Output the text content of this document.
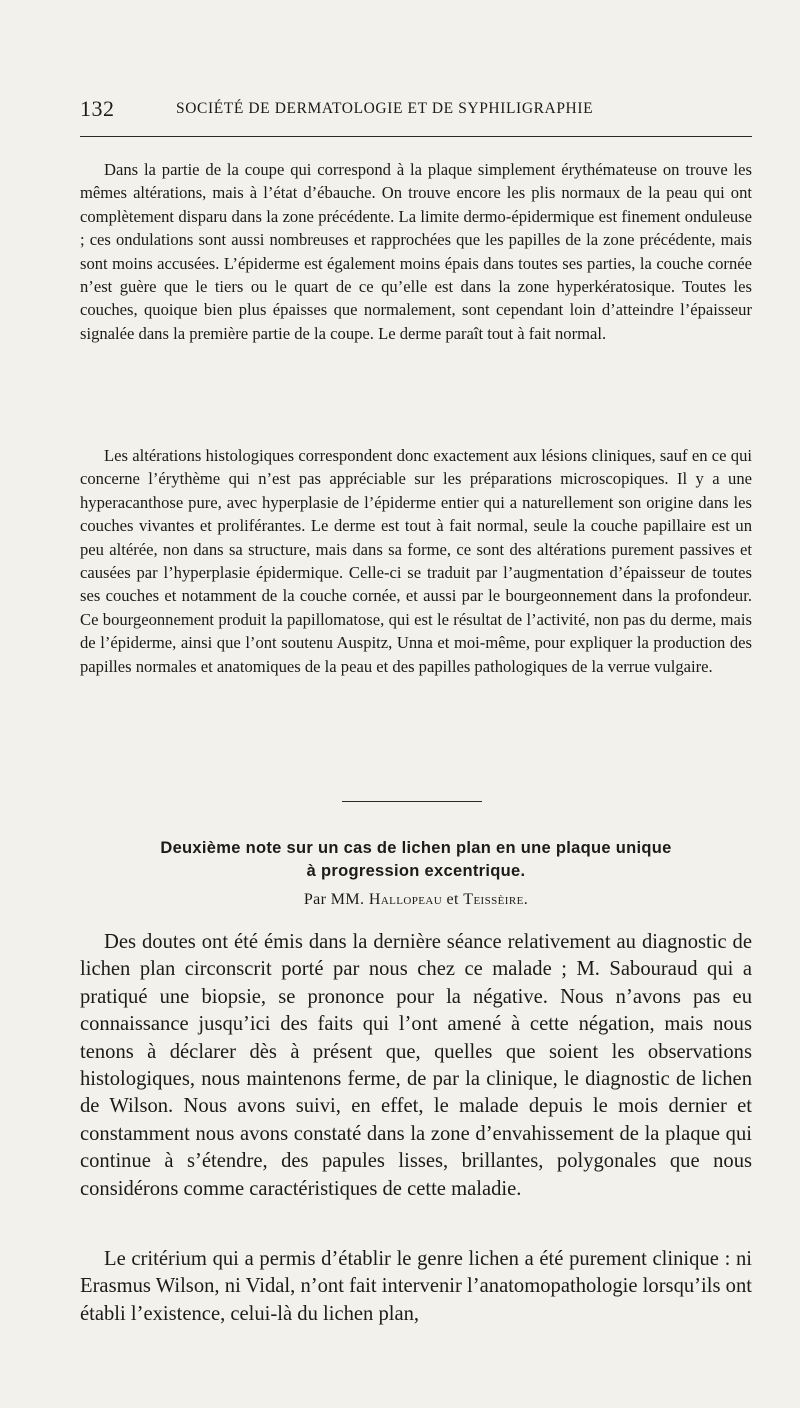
132	SOCIÉTÉ DE DERMATOLOGIE ET DE SYPHILIGRAPHIE

Dans la partie de la coupe qui correspond à la plaque simplement érythémateuse on trouve les mêmes altérations, mais à l’état d’ébauche. On trouve encore les plis normaux de la peau qui ont complètement disparu dans la zone précédente. La limite dermo-épidermique est finement onduleuse ; ces ondulations sont aussi nombreuses et rapprochées que les papilles de la zone précédente, mais sont moins accusées. L’épiderme est également moins épais dans toutes ses parties, la couche cornée n’est guère que le tiers ou le quart de ce qu’elle est dans la zone hyperkératosique. Toutes les couches, quoique bien plus épaisses que normalement, sont cependant loin d’atteindre l’épaisseur signalée dans la première partie de la coupe. Le derme paraît tout à fait normal.

Les altérations histologiques correspondent donc exactement aux lésions cliniques, sauf en ce qui concerne l’érythème qui n’est pas appréciable sur les préparations microscopiques. Il y a une hyperacanthose pure, avec hyperplasie de l’épiderme entier qui a naturellement son origine dans les couches vivantes et proliférantes. Le derme est tout à fait normal, seule la couche papillaire est un peu altérée, non dans sa structure, mais dans sa forme, ce sont des altérations purement passives et causées par l’hyperplasie épidermique. Celle-ci se traduit par l’augmentation d’épaisseur de toutes ses couches et notamment de la couche cornée, et aussi par le bourgeonnement dans la profondeur. Ce bourgeonnement produit la papillomatose, qui est le résultat de l’activité, non pas du derme, mais de l’épiderme, ainsi que l’ont soutenu Auspitz, Unna et moi-même, pour expliquer la production des papilles normales et anatomiques de la peau et des papilles pathologiques de la verrue vulgaire.

Deuxième note sur un cas de lichen plan en une plaque unique
à progression excentrique.
Par MM. Hallopeau et Teissèire.

Des doutes ont été émis dans la dernière séance relativement au diagnostic de lichen plan circonscrit porté par nous chez ce malade ; M. Sabouraud qui a pratiqué une biopsie, se prononce pour la négative. Nous n’avons pas eu connaissance jusqu’ici des faits qui l’ont amené à cette négation, mais nous tenons à déclarer dès à présent que, quelles que soient les observations histologiques, nous maintenons ferme, de par la clinique, le diagnostic de lichen de Wilson. Nous avons suivi, en effet, le malade depuis le mois dernier et constamment nous avons constaté dans la zone d’envahissement de la plaque qui continue à s’étendre, des papules lisses, brillantes, polygonales que nous considérons comme caractéristiques de cette maladie.

Le critérium qui a permis d’établir le genre lichen a été purement clinique : ni Erasmus Wilson, ni Vidal, n’ont fait intervenir l’anatomopathologie lorsqu’ils ont établi l’existence, celui-là du lichen plan,
